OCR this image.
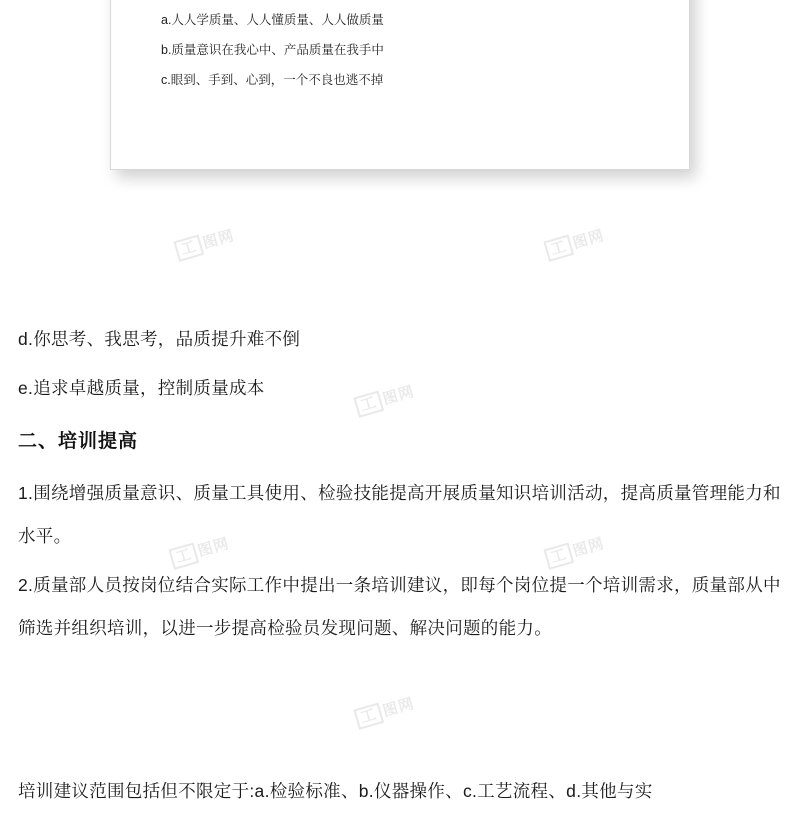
a.人人学质量、人人懂质量、人人做质量
b.质量意识在我心中、产品质量在我手中
c.眼到、手到、心到，一个不良也逃不掉

d.你思考、我思考，品质提升难不倒

e.追求卓越质量，控制质量成本

二、培训提高

1.围绕增强质量意识、质量工具使用、检验技能提高开展质量知识培训活动，提高质量管理能力和水平。

2.质量部人员按岗位结合实际工作中提出一条培训建议，即每个岗位提一个培训需求，质量部从中筛选并组织培训，以进一步提高检验员发现问题、解决问题的能力。

培训建议范围包括但不限定于:a.检验标准、b.仪器操作、c.工艺流程、d.其他与实

工 图网	工 图网
工 图网
工 图网	工 图网
工 图网
